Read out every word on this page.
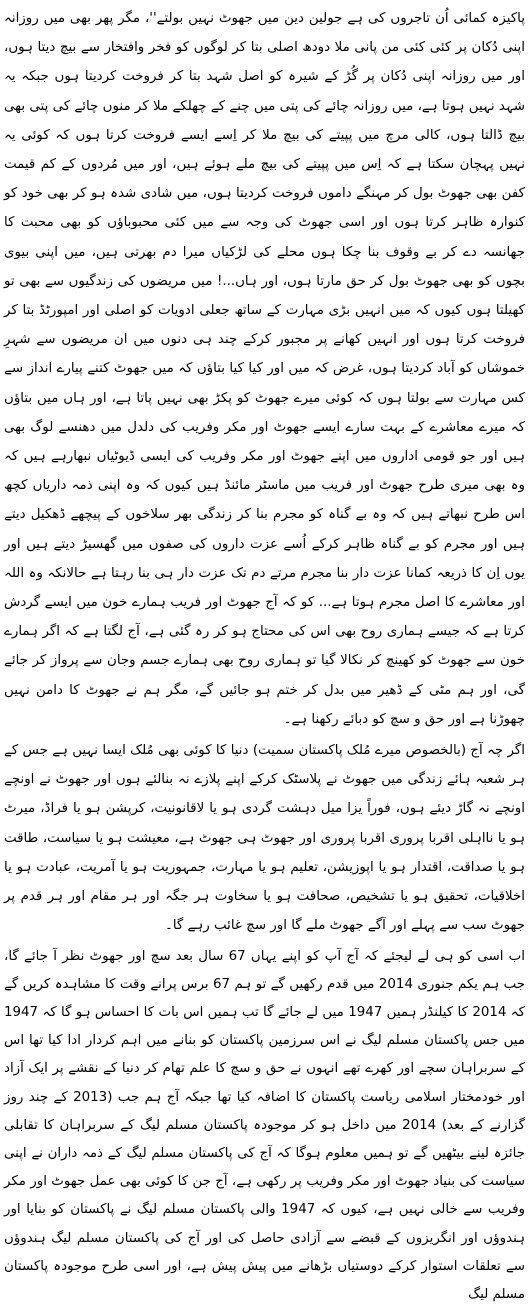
پاکیزہ کمائی اُن تاجروں کی ہے جولین دین میں جھوٹ نہیں بولتے''، مگر پھر بھی میں روزانہ اپنی دُکان پر کئی کئی من پانی ملا دودھ اصلی بتا کر لوگوں کو فخر وافتخار سے بیچ دیتا ہوں، اور میں روزانہ اپنی دُکان پر گُڑ کے شیرہ کو اصل شہد بتا کر فروخت کردیتا ہوں جبکہ یہ شہد نہیں ہوتا ہے، میں روزانہ چائے کی پتی میں چنے کے چھلکے ملا کر منوں چائے کی پتی بھی بیچ ڈالتا ہوں، کالی مرچ میں پپیتے کی بیچ ملا کر اِسے ایسے فروخت کرتا ہوں کہ کوئی یہ نہیں پہچان سکتا ہے کہ اِس میں پپیتے کی بیچ ملے ہوئے ہیں، اور میں مُردوں کے کم قیمت کفن بھی جھوٹ بول کر مہنگے داموں فروخت کردیتا ہوں، میں شادی شدہ ہو کر بھی خود کو کنوارہ ظاہر کرتا ہوں اور اسی جھوٹ کی وجہ سے میں کئی محبوباؤں کو بھی محبت کا جھانسہ دے کر بے وقوف بنا چکا ہوں محلے کی لڑکیاں میرا دم بھرتی ہیں، میں اپنی بیوی بچوں کو بھی جھوٹ بول کر حق مارتا ہوں، اور ہاں...! میں مریضوں کی زندگیوں سے بھی تو کھیلتا ہوں کیوں کہ میں انہیں بڑی مہارت کے ساتھ جعلی ادویات کو اصلی اور امپورٹڈ بتا کر فروخت کرتا ہوں اور انہیں کھانے پر مجبور کرکے چند ہی دنوں میں ان مریضوں سے شہرِ خموشاں کو آباد کردیتا ہوں، غرض کہ میں اور کیا کیا بتاؤں کہ میں جھوٹ کتنے پیارے انداز سے کس مہارت سے بولتا ہوں کہ کوئی میرے جھوٹ کو پکڑ بھی نہیں پاتا ہے، اور ہاں میں بتاؤں کہ میرے معاشرے کے بہت سارے ایسے جھوٹ اور مکر وفریب کی دلدل میں دھنسے لوگ بھی ہیں اور جو قومی اداروں میں اپنے جھوٹ اور مکر وفریب کی ایسی ڈیوٹیاں نبھارہے ہیں کہ وہ بھی میری طرح جھوٹ اور فریب میں ماسٹر مائنڈ ہیں کیوں کہ وہ اپنی ذمہ داریاں کچھ اس طرح نبھاتے ہیں کہ وہ بے گناہ کو مجرم بنا کر زندگی بھر سلاخوں کے پیچھے ڈھکیل دیتے ہیں اور مجرم کو بے گناہ ظاہر کرکے اُسے عزت داروں کی صفوں میں گھسیڑ دیتے ہیں اور یوں اِن کا ذریعہ کمانا عزت دار بنا مجرم مرتے دم تک عزت دار ہی بنا رہتا ہے حالانکہ وہ اللہ اور معاشرے کا اصل مجرم ہوتا ہے... کو کہ آج جھوٹ اور فریب ہمارے خون میں ایسے گردش کرتا ہے کہ جیسے ہماری روح بھی اس کی محتاج ہو کر رہ گئی ہے، آج لگتا ہے کہ اگر ہمارے خون سے جھوٹ کو کھینچ کر نکالا گیا تو ہماری روح بھی ہمارے جسم وجان سے پرواز کر جائے گی، اور ہم مٹی کے ڈھیر میں بدل کر ختم ہو جائیں گے، مگر ہم نے جھوٹ کا دامن نہیں چھوڑنا ہے اور حق و سچ کو دبائے رکھنا ہے۔

اگر چہ آج (بالخصوص میرے مُلک پاکستان سمیت) دنیا کا کوئی بھی مُلک ایسا نہیں ہے جس کے ہر شعبہ ہائے زندگی میں جھوٹ نے پلاسٹک کرکے اپنے پلازے نہ بنالئے ہوں اور جھوٹ نے اونچے اونچے نہ گاڑ دیئے ہوں، فوراً یزا میل دہشت گردی ہو یا لاقانونیت، کرپشن ہو یا فراڈ، میرٹ ہو یا نااہلی اقربا پروری اقربا پروری اور جھوٹ ہی جھوٹ ہے، معیشت ہو یا سیاست، طاقت ہو یا صداقت، اقتدار ہو یا اپوزیشن، تعلیم ہو یا مہارت، جمہوریت ہو یا آمریت، عبادت ہو یا اخلاقیات، تحقیق ہو یا تشخیص، صحافت ہو یا سخاوت ہر جگہ اور ہر مقام اور ہر قدم پر جھوٹ سب سے پہلے اور آگے جھوٹ ملے گا اور سچ غائب رہے گا۔

اب اسی کو ہی لے لیجئے کہ آج آپ کو اپنے یہاں 67 سال بعد سچ اور جھوٹ نظر آ جائے گا، جب ہم یکم جنوری 2014 میں قدم رکھیں گے تو ہم 67 برس پرانے وقت کا مشاہدہ کریں گے کہ 2014 کا کیلنڈر ہمیں 1947 میں لے جائے گا تب ہمیں اس بات کا احساس ہو گا کہ 1947 میں جس پاکستان مسلم لیگ نے اس سرزمین پاکستان کو بنانے میں اہم کردار ادا کیا تھا اس کے سربراہان سچے اور کھرے تھے انہوں نے حق و سچ کا علم تھام کر دنیا کے نقشے پر ایک آزاد اور خودمختار اسلامی ریاست پاکستان کا اضافہ کیا تھا جبکہ آج ہم جب (2013 کے چند روز گزارنے کے بعد) 2014 میں داخل ہو کر موجودہ پاکستان مسلم لیگ کے سربراہان کا تقابلی جائزہ لینے بیٹھیں گے تو ہمیں معلوم ہوگا کہ آج کی پاکستان مسلم لیگ کے ذمہ داران نے اپنی سیاست کی بنیاد جھوٹ اور مکر وفریب پر رکھی ہے، آج جن کا کوئی بھی عمل جھوٹ اور مکر وفریب سے خالی نہیں ہے، کیوں کہ 1947 والی پاکستان مسلم لیگ نے پاکستان کو بنایا اور ہندوؤں اور انگریزوں کے قبضے سے آزادی حاصل کی اور آج کی پاکستان مسلم لیگ ہندوؤں سے تعلقات استوار کرکے دوستیاں بڑھانے میں پیش پیش ہے، اور اسی طرح موجودہ پاکستان مسلم لیگ
